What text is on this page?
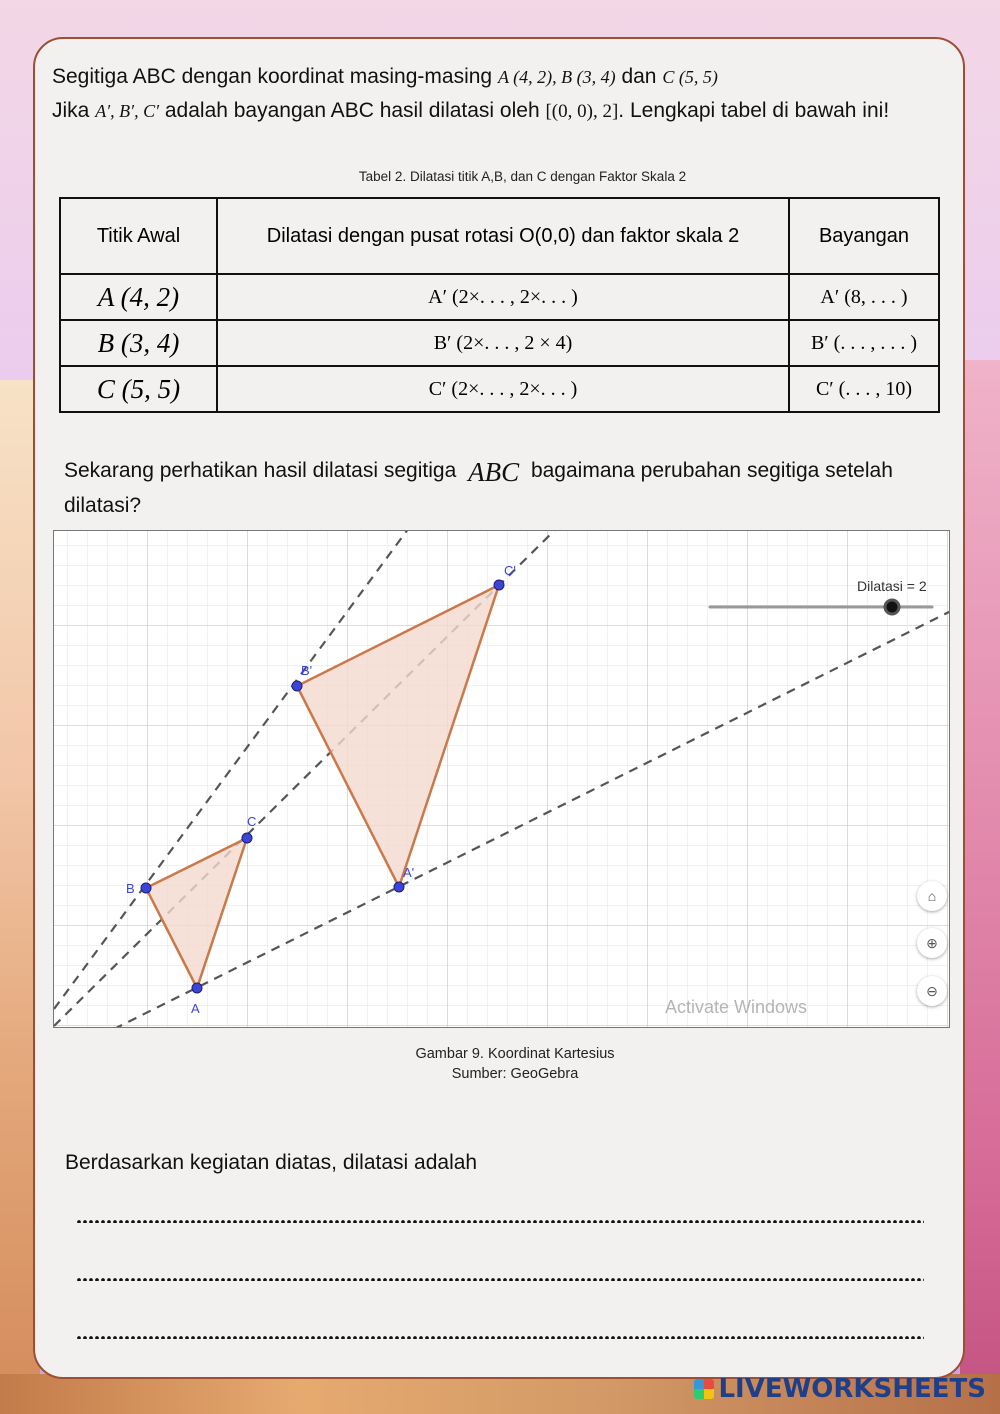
Segitiga ABC dengan koordinat masing-masing A (4, 2), B (3, 4) dan C (5, 5)
Jika A′, B′, C′ adalah bayangan ABC hasil dilatasi oleh [(0, 0), 2]. Lengkapi tabel di bawah ini!
Tabel 2. Dilatasi titik A,B, dan C dengan Faktor Skala 2
Titik Awal	Dilatasi dengan pusat rotasi O(0,0) dan faktor skala 2	Bayangan
A (4, 2)	A′ (2×. . . , 2×. . . )	A′ (8, . . . )
B (3, 4)	B′ (2×. . . , 2 × 4)	B′ (. . . , . . . )
C (5, 5)	C′ (2×. . . , 2×. . . )	C′ (. . . , 10)
Sekarang perhatikan hasil dilatasi segitiga ABC bagaimana perubahan segitiga setelah dilatasi?
A
B
C
A'
B'
C'
Dilatasi = 2
Activate Windows
⌂
⊕
⊖
Gambar 9. Koordinat Kartesius
Sumber: GeoGebra
Berdasarkan kegiatan diatas, dilatasi adalah
LIVEWORKSHEETS
